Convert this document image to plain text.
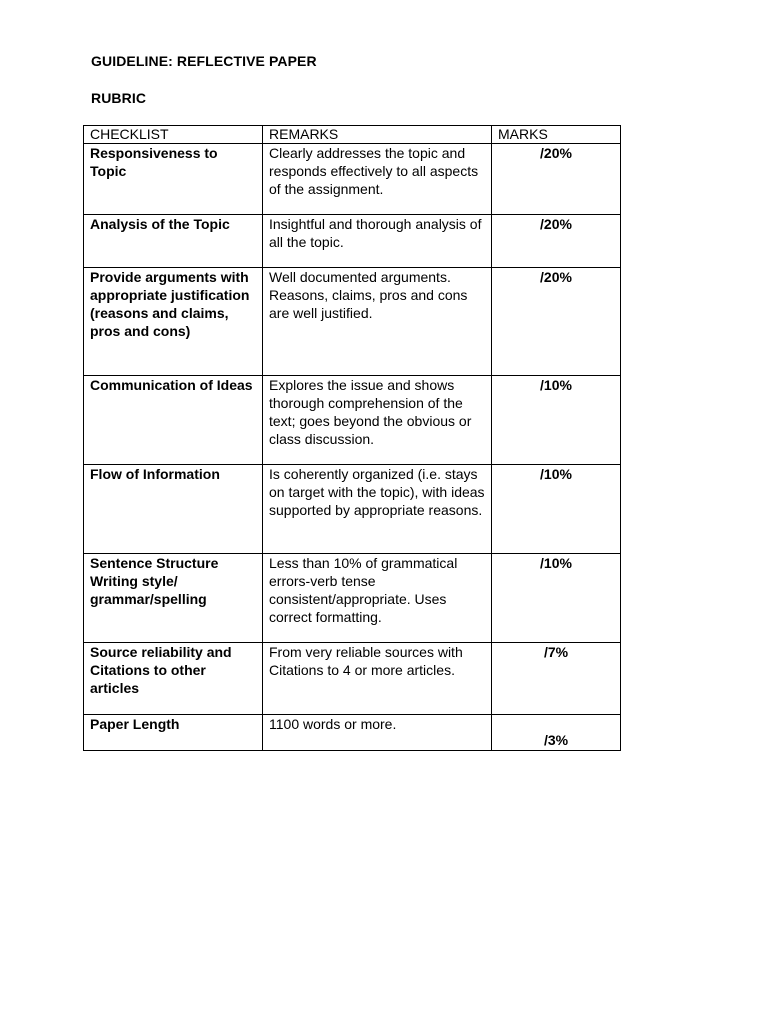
GUIDELINE: REFLECTIVE PAPER
RUBRIC
CHECKLIST	REMARKS	MARKS
Responsiveness to Topic	Clearly addresses the topic and responds effectively to all aspects of the assignment.	/20%
Analysis of the Topic	Insightful and thorough analysis of all the topic.	/20%
Provide arguments with appropriate justification (reasons and claims, pros and cons)	Well documented arguments. Reasons, claims, pros and cons are well justified.	/20%
Communication of Ideas	Explores the issue and shows thorough comprehension of the text; goes beyond the obvious or class discussion.	/10%
Flow of Information	Is coherently organized (i.e. stays on target with the topic), with ideas supported by appropriate reasons.	/10%
Sentence Structure Writing style/ grammar/spelling	Less than 10% of grammatical errors-verb tense consistent/appropriate. Uses correct formatting.	/10%
Source reliability and Citations to other articles	From very reliable sources with Citations to 4 or more articles.	/7%
Paper Length	1100 words or more.	/3%
